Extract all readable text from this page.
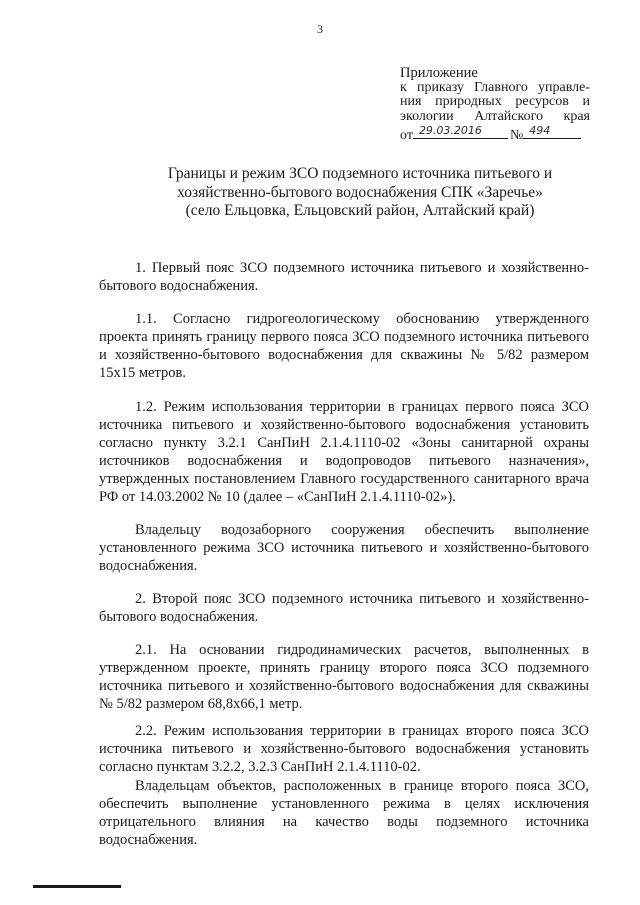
3
Приложение
к приказу Главного управле-
ния природных ресурсов и
экологии Алтайского края
от 29.03.2016 № 494
Границы и режим ЗСО подземного источника питьевого и
хозяйственно-бытового водоснабжения СПК «Заречье»
(село Ельцовка, Ельцовский район, Алтайский край)
1. Первый пояс ЗСО подземного источника питьевого и хозяйственно-бытового водоснабжения.
1.1. Согласно гидрогеологическому обоснованию утвержденного проекта принять границу первого пояса ЗСО подземного источника питьевого и хозяйственно-бытового водоснабжения для скважины № 5/82 размером 15х15 метров.
1.2. Режим использования территории в границах первого пояса ЗСО источника питьевого и хозяйственно-бытового водоснабжения установить согласно пункту 3.2.1 СанПиН 2.1.4.1110-02 «Зоны санитарной охраны источников водоснабжения и водопроводов питьевого назначения», утвержденных постановлением Главного государственного санитарного врача РФ от 14.03.2002 № 10 (далее – «СанПиН 2.1.4.1110-02»).
Владельцу водозаборного сооружения обеспечить выполнение установленного режима ЗСО источника питьевого и хозяйственно-бытового водоснабжения.
2. Второй пояс ЗСО подземного источника питьевого и хозяйственно-бытового водоснабжения.
2.1. На основании гидродинамических расчетов, выполненных в утвержденном проекте, принять границу второго пояса ЗСО подземного источника питьевого и хозяйственно-бытового водоснабжения для скважины № 5/82 размером 68,8х66,1 метр.
2.2. Режим использования территории в границах второго пояса ЗСО источника питьевого и хозяйственно-бытового водоснабжения установить согласно пунктам 3.2.2, 3.2.3 СанПиН 2.1.4.1110-02.
Владельцам объектов, расположенных в границе второго пояса ЗСО, обеспечить выполнение установленного режима в целях исключения отрицательного влияния на качество воды подземного источника водоснабжения.
